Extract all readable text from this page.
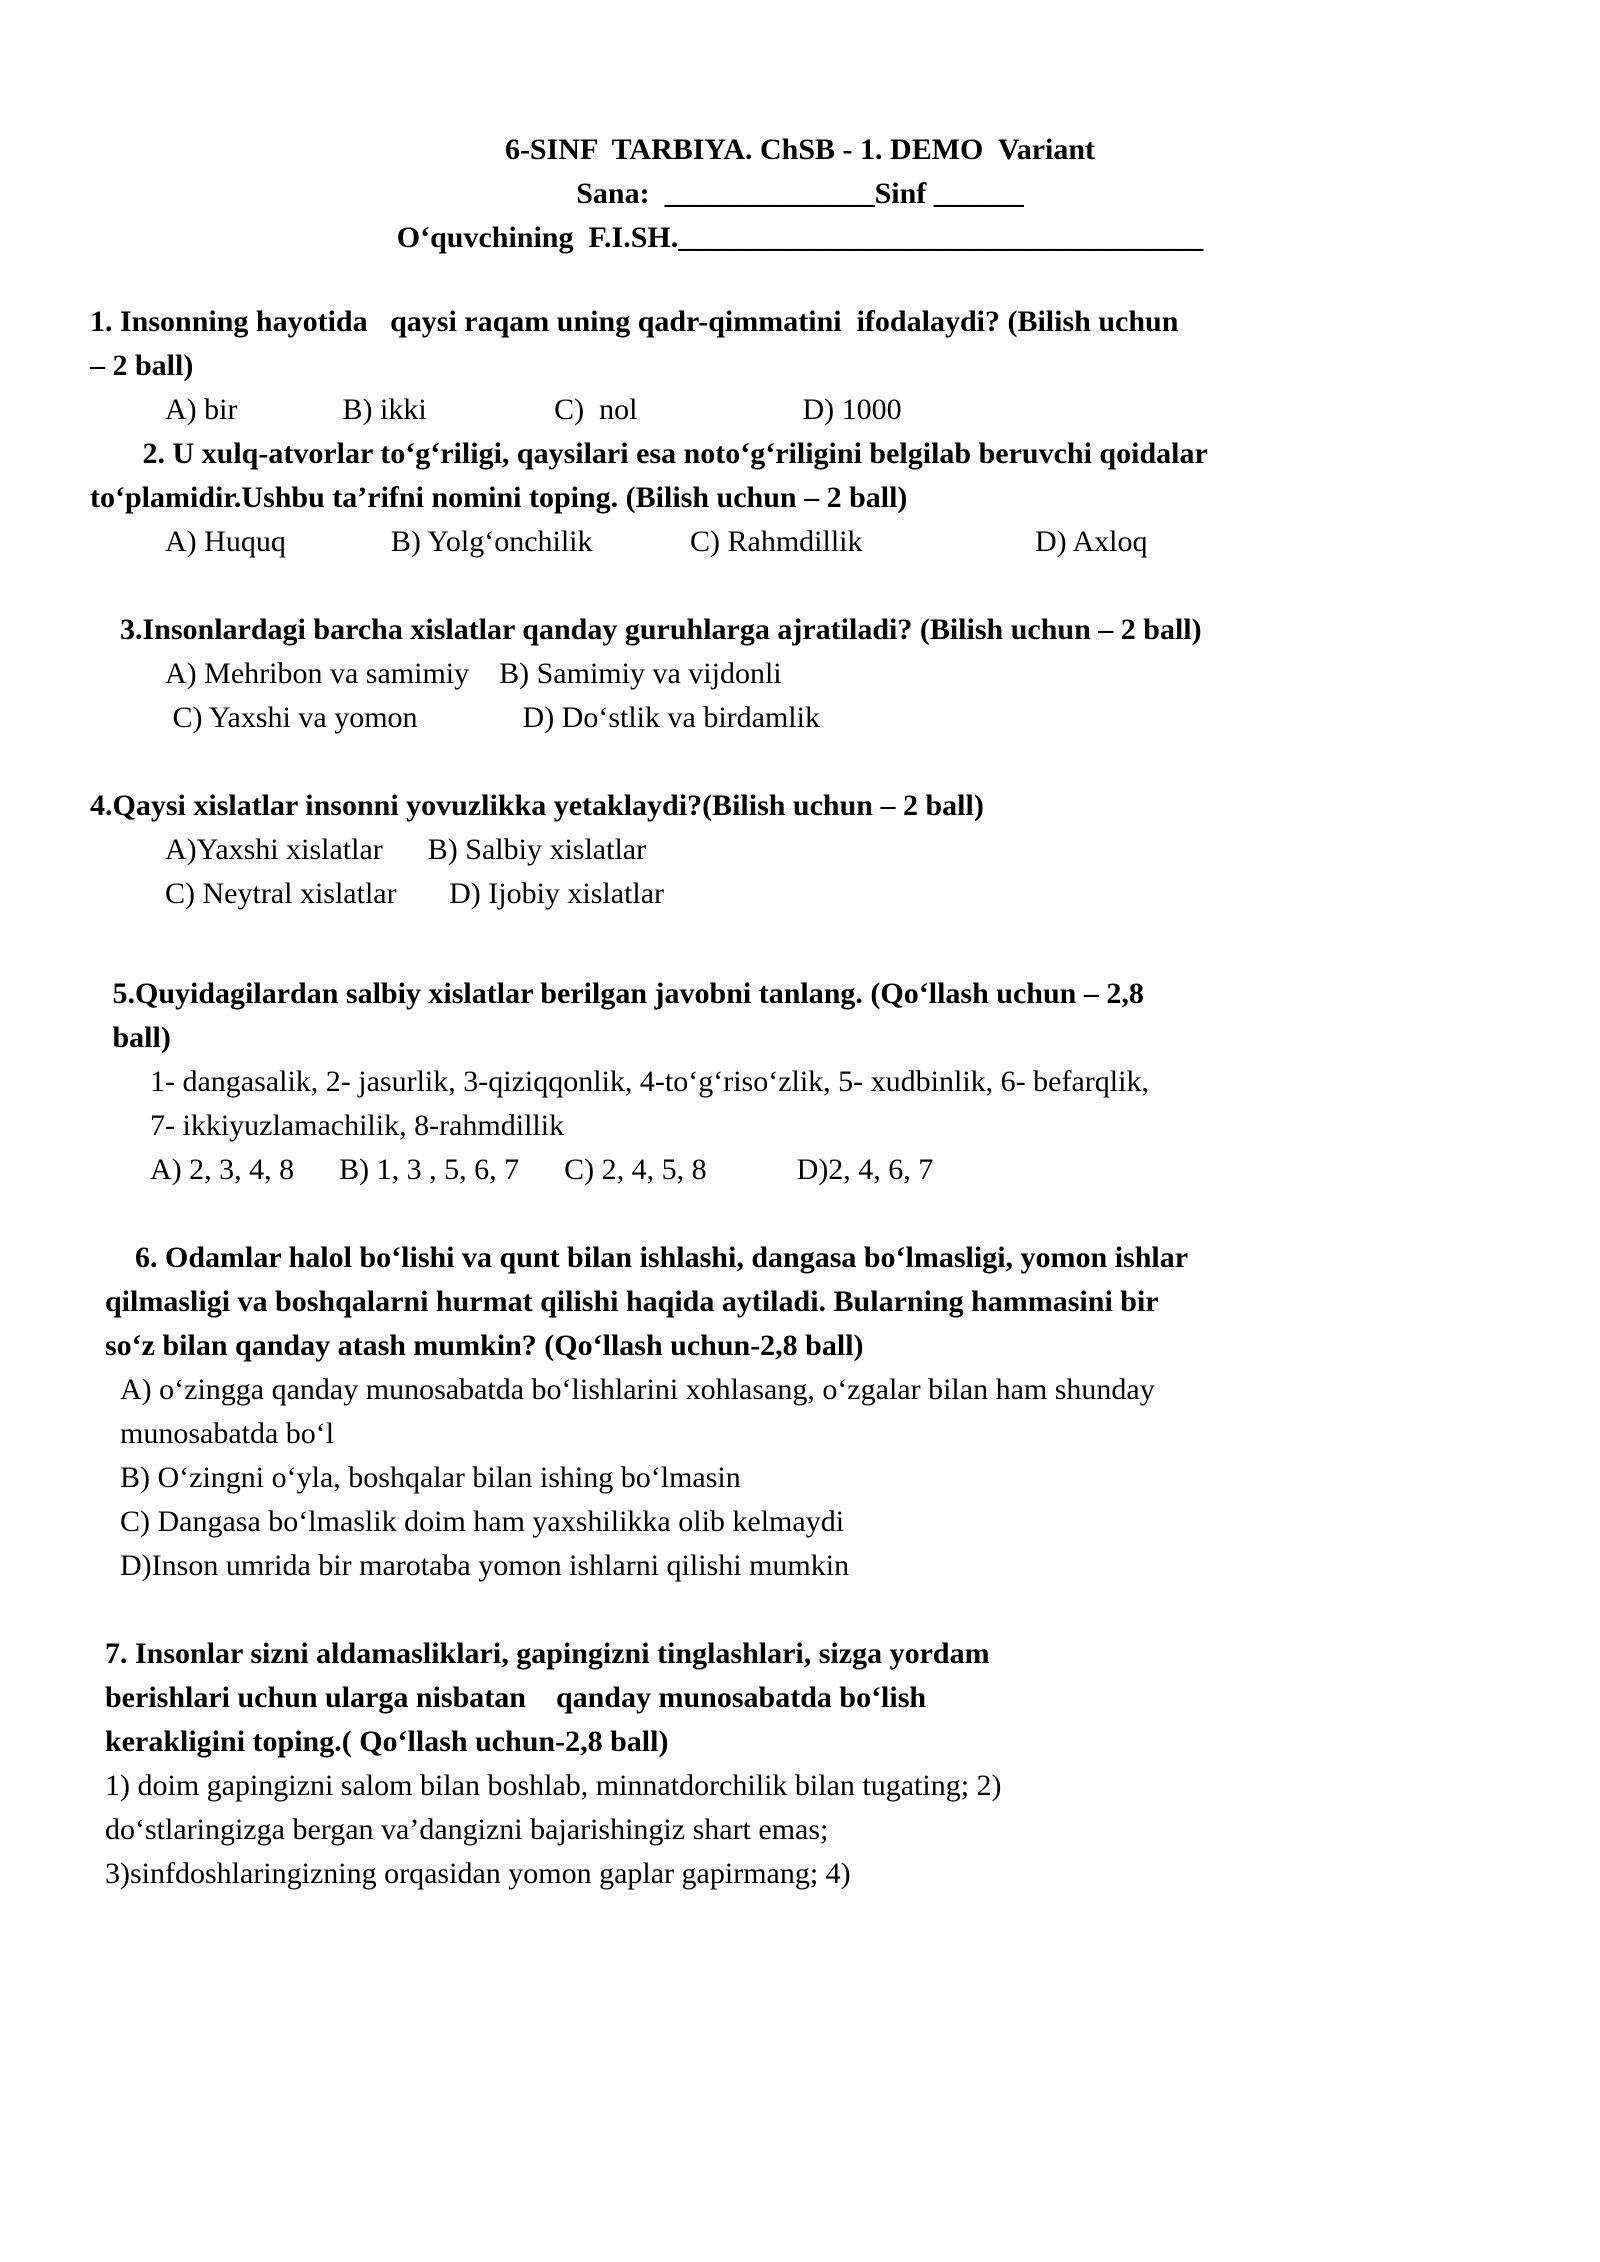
6-SINF  TARBIYA. ChSB - 1. DEMO  Variant
Sana:  ______________Sinf ______
Oʻquvchining  F.I.SH.___________________________________
1. Insonning hayotida   qaysi raqam uning qadr-qimmatini  ifodalaydi? (Bilish uchun
– 2 ball)
A) bir              B) ikki                 C)  nol                      D) 1000
2. U xulq-atvorlar toʻgʻriligi, qaysilari esa notoʻgʻriligini belgilab beruvchi qoidalar
toʻplamidir.Ushbu ta’rifni nomini toping. (Bilish uchun – 2 ball)
A) Huquq              B) Yolgʻonchilik             C) Rahmdillik                       D) Axloq
3.Insonlardagi barcha xislatlar qanday guruhlarga ajratiladi? (Bilish uchun – 2 ball)
A) Mehribon va samimiy    B) Samimiy va vijdonli
C) Yaxshi va yomon              D) Doʻstlik va birdamlik
4.Qaysi xislatlar insonni yovuzlikka yetaklaydi?(Bilish uchun – 2 ball)
A)Yaxshi xislatlar      B) Salbiy xislatlar
C) Neytral xislatlar       D) Ijobiy xislatlar
5.Quyidagilardan salbiy xislatlar berilgan javobni tanlang. (Qoʻllash uchun – 2,8
ball)
1- dangasalik, 2- jasurlik, 3-qiziqqonlik, 4-toʻgʻrisoʻzlik, 5- xudbinlik, 6- befarqlik,
7- ikkiyuzlamachilik, 8-rahmdillik
A) 2, 3, 4, 8      B) 1, 3 , 5, 6, 7      C) 2, 4, 5, 8            D)2, 4, 6, 7
6. Odamlar halol boʻlishi va qunt bilan ishlashi, dangasa boʻlmasligi, yomon ishlar
qilmasligi va boshqalarni hurmat qilishi haqida aytiladi. Bularning hammasini bir
soʻz bilan qanday atash mumkin? (Qoʻllash uchun-2,8 ball)
A) oʻzingga qanday munosabatda boʻlishlarini xohlasang, oʻzgalar bilan ham shunday
munosabatda boʻl
B) Oʻzingni oʻyla, boshqalar bilan ishing boʻlmasin
C) Dangasa boʻlmaslik doim ham yaxshilikka olib kelmaydi
D)Inson umrida bir marotaba yomon ishlarni qilishi mumkin
7. Insonlar sizni aldamasliklari, gapingizni tinglashlari, sizga yordam
berishlari uchun ularga nisbatan    qanday munosabatda boʻlish
kerakligini toping.( Qoʻllash uchun-2,8 ball)
1) doim gapingizni salom bilan boshlab, minnatdorchilik bilan tugating; 2)
doʻstlaringizga bergan va’dangizni bajarishingiz shart emas;
3)sinfdoshlaringizning orqasidan yomon gaplar gapirmang; 4)
